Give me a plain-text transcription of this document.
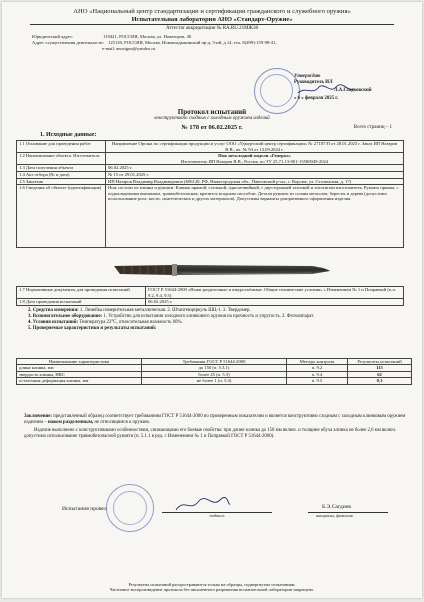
АНО «Национальный центр стандартизации и сертификации гражданского и служебного оружия»
Испытательная лаборатория АНО «Стандарт-Оружие»
Аттестат аккредитации № RA.RU.21МЖ38
Юридический адрес:	119421, РОССИЯ, Москва, ул. Новаторов, 40
Адрес осуществления деятельности: 125130, РОССИЯ, Москва, Нововладыкинский пр-д, 3-ий, д.14, тел. 8(499)-159-98-41,
e-mail: anostgun@yandex.ru
Утверждаю
Руководитель ИЛ
Л.А.Гладковский
« 6 » февраля 2025 г.
Протокол испытаний
конструктивно сходных с холодным оружием изделий
№ 178 от 06.02.2025 г.	Всего страниц – 1
1. Исходные данные:
1.1 Основание для проведения работ	Направление Органа по сертификации продукции и услуг ООО «Удмуртский центр сертификации» № 27187/П от 28.01.2025 г. Заказ ИП Назаров В.В., вх. № 94 от 13.09.2024 г.
1.2 Наименование объекта. Изготовитель	Нож несклодной модели «Генерал»
Изготовитель ИП Назаров В.В., Россия, по ТУ 25.71.13-001-15500049-2024

1.3 Дата получения объекта	06.02.2025 г.
1.4 Акт отбора (№ и дата)	№ 15 от 29.01.2025 г.
1.5 Заказчик	ИП Назаров Владимир Владимирович (606120, РФ, Нижегородская обл., Павловский р-он., г. Ворсма, ул. Сталинская, д. 17)
1.6 Сведения об объекте (идентификация)	Нож состоит из клинка и рукояти. Клинок прямой, стальной, однолезвийный, с двусторонней заточкой и логотипом изготовителя. Рукоять прямая, с подпальцевыми выемками, травмобезопасная, крепится всадным способом. Детали рукояти из сплава металлов, бересты и дерева (допустимо использование рога, кости, синтетических и других материалов). Допустимы варианты декоративного оформления изделия.
1.7 Нормативные документы для проведения испытаний	ГОСТ Р 51644-2000 «Ножи разделочные и шкуросъёмные. Общие технические условия» с Изменением № 1 и Поправкой (п.п. 9.2, 9.4, 9.5)
1.8 Дата проведения испытаний	06.02.2025 г.

2. Средства измерения: 1. Линейка измерительная металлическая. 2. Штангенциркуль ШЦ-1. 3. Твердомер.

3. Вспомогательное оборудование: 1. Устройство для испытания холодного клинкового оружия на прочность и упругость. 2. Фотоаппарат.

4. Условия испытаний: Температура 23°С, относительная влажность 60%.

5. Проверяемые характеристики и результаты испытаний:

Наименование характеристики	Требования ГОСТ Р 51644-2000	Методы контроля	Результаты испытаний
длина клинка, мм	до 150 (п. 5.3.1)	п. 9.2	115
твердость клинка, HRC	более 25 (п. 5.3)	п. 9.4	62
остаточная деформация клинка, мм	не более 1 (п. 5.4)	п. 9.5	0,3

Заключение: представленный образец соответствует требованиям ГОСТ Р 51644-2000 по проверенным показателям и является конструктивно сходным с холодным клинковым оружием изделием – ножом разделочным, не относящимся к оружию.

Изделие выполнено с конструктивными особенностями, снижающими его боевые свойства: при длине клинка до 150 мм включ. и толщине обуха клинка не более 2,6 мм включ. допустимо использование травмобезопасной рукояти (п. 5.1.1 в ред. с Изменением № 1 и Поправкой ГОСТ Р 51644-2000).

Испытания провел
подпись
Б.Э.Сагдиев
инициалы, фамилия
Результаты испытаний распространяются только на образцы, подвергнутые испытаниям.
Частичное воспроизведение протокола без письменного разрешения испытательной лаборатории запрещено.
